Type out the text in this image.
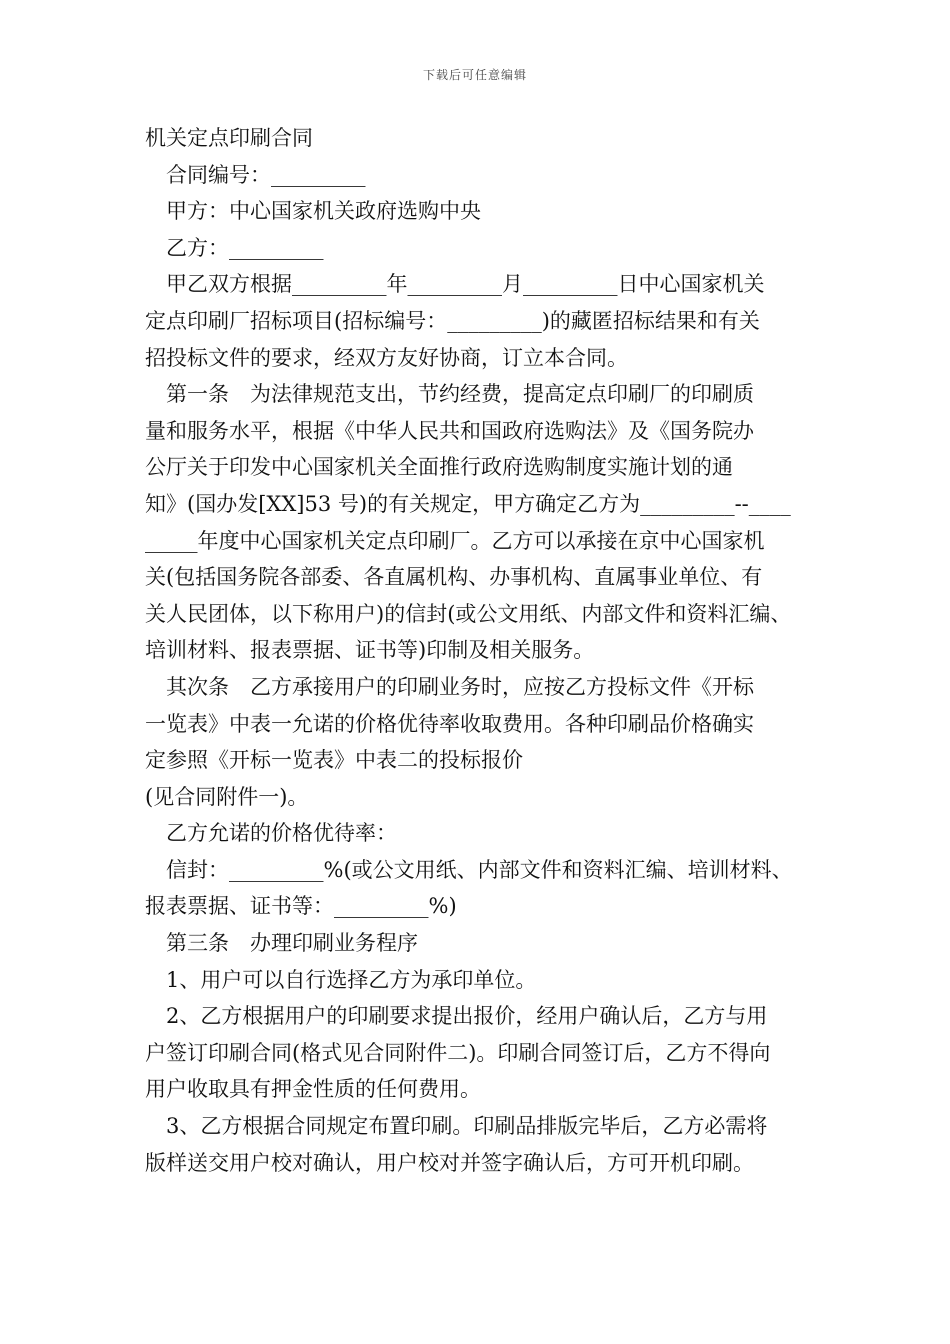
下载后可任意编辑
机关定点印刷合同
合同编号：_________
甲方：中心国家机关政府选购中央
乙方：_________
甲乙双方根据_________年_________月_________日中心国家机关
定点印刷厂招标项目(招标编号：_________)的藏匿招标结果和有关
招投标文件的要求，经双方友好协商，订立本合同。
第一条　为法律规范支出，节约经费，提高定点印刷厂的印刷质
量和服务水平，根据《中华人民共和国政府选购法》及《国务院办
公厅关于印发中心国家机关全面推行政府选购制度实施计划的通
知》(国办发[XX]53 号)的有关规定，甲方确定乙方为_________--____
_____年度中心国家机关定点印刷厂。乙方可以承接在京中心国家机
关(包括国务院各部委、各直属机构、办事机构、直属事业单位、有
关人民团体，以下称用户)的信封(或公文用纸、内部文件和资料汇编、
培训材料、报表票据、证书等)印制及相关服务。
其次条　乙方承接用户的印刷业务时，应按乙方投标文件《开标
一览表》中表一允诺的价格优待率收取费用。各种印刷品价格确实
定参照《开标一览表》中表二的投标报价
(见合同附件一)。
乙方允诺的价格优待率：
信封：_________%(或公文用纸、内部文件和资料汇编、培训材料、
报表票据、证书等：_________%)
第三条　办理印刷业务程序
1、用户可以自行选择乙方为承印单位。
2、乙方根据用户的印刷要求提出报价，经用户确认后，乙方与用
户签订印刷合同(格式见合同附件二)。印刷合同签订后，乙方不得向
用户收取具有押金性质的任何费用。
3、乙方根据合同规定布置印刷。印刷品排版完毕后，乙方必需将
版样送交用户校对确认，用户校对并签字确认后，方可开机印刷。
